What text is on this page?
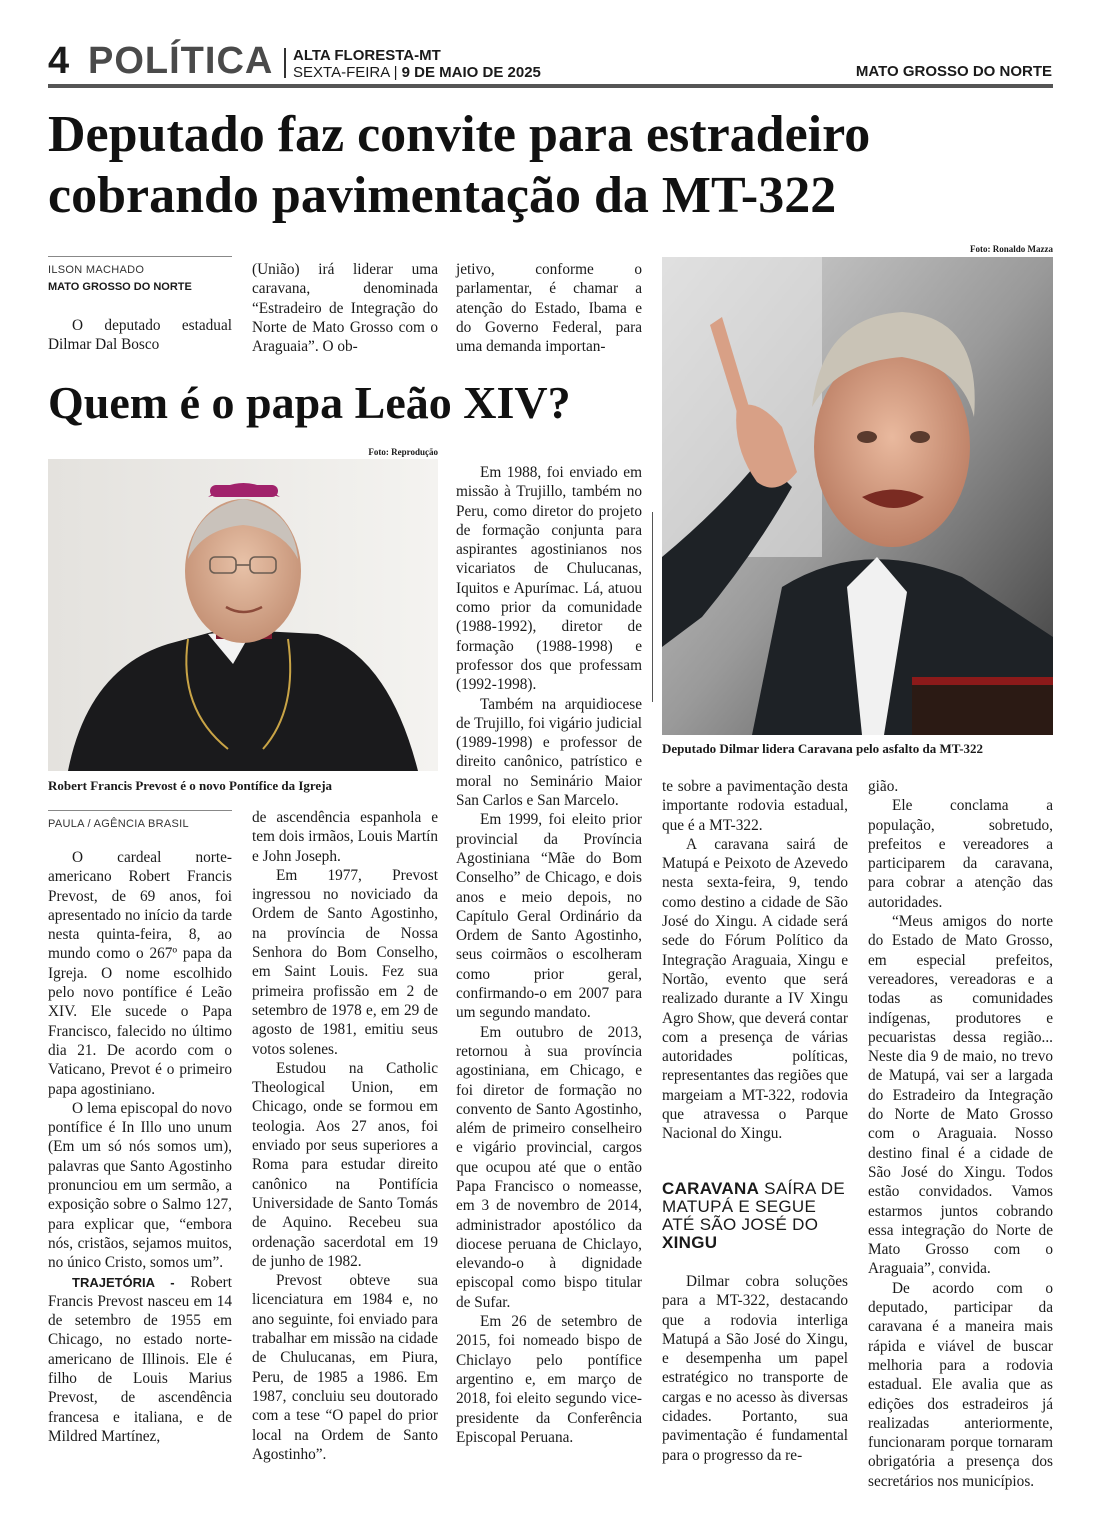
4 POLÍTICA ALTA FLORESTA-MT
SEXTA-FEIRA | 9 DE MAIO DE 2025	MATO GROSSO DO NORTE
Deputado faz convite para estradeiro cobrando pavimentação da MT-322
ILSON MACHADO
MATO GROSSO DO NORTE

O deputado estadual Dilmar Dal Bosco

(União) irá liderar uma caravana, denominada “Estradeiro de Integração do Norte de Mato Grosso com o Araguaia”. O ob-

jetivo, conforme o parlamentar, é chamar a atenção do Estado, Ibama e do Governo Federal, para uma demanda importan-

Foto: Ronaldo Mazza
Deputado Dilmar lidera Caravana pelo asfalto da MT-322
Quem é o papa Leão XIV?
Foto: Reprodução
Robert Francis Prevost é o novo Pontífice da Igreja
PAULA / AGÊNCIA BRASIL

O cardeal norte-americano Robert Francis Prevost, de 69 anos, foi apresentado no início da tarde nesta quinta-feira, 8, ao mundo como o 267º papa da Igreja. O nome escolhido pelo novo pontífice é Leão XIV. Ele sucede o Papa Francisco, falecido no último dia 21. De acordo com o Vaticano, Prevot é o primeiro papa agostiniano.

O lema episcopal do novo pontífice é In Illo uno unum (Em um só nós somos um), palavras que Santo Agostinho pronunciou em um sermão, a exposição sobre o Salmo 127, para explicar que, “embora nós, cristãos, sejamos muitos, no único Cristo, somos um”.

TRAJETÓRIA - Robert Francis Prevost nasceu em 14 de setembro de 1955 em Chicago, no estado norte-americano de Illinois. Ele é filho de Louis Marius Prevost, de ascendência francesa e italiana, e de Mildred Martínez,

de ascendência espanhola e tem dois irmãos, Louis Martín e John Joseph.

Em 1977, Prevost ingressou no noviciado da Ordem de Santo Agostinho, na província de Nossa Senhora do Bom Conselho, em Saint Louis. Fez sua primeira profissão em 2 de setembro de 1978 e, em 29 de agosto de 1981, emitiu seus votos solenes.

Estudou na Catholic Theological Union, em Chicago, onde se formou em teologia. Aos 27 anos, foi enviado por seus superiores a Roma para estudar direito canônico na Pontifícia Universidade de Santo Tomás de Aquino. Recebeu sua ordenação sacerdotal em 19 de junho de 1982.

Prevost obteve sua licenciatura em 1984 e, no ano seguinte, foi enviado para trabalhar em missão na cidade de Chulucanas, em Piura, Peru, de 1985 a 1986. Em 1987, concluiu seu doutorado com a tese “O papel do prior local na Ordem de Santo Agostinho”.

Em 1988, foi enviado em missão à Trujillo, também no Peru, como diretor do projeto de formação conjunta para aspirantes agostinianos nos vicariatos de Chulucanas, Iquitos e Apurímac. Lá, atuou como prior da comunidade (1988-1992), diretor de formação (1988-1998) e professor dos que professam (1992-1998).

Também na arquidiocese de Trujillo, foi vigário judicial (1989-1998) e professor de direito canônico, patrístico e moral no Seminário Maior San Carlos e San Marcelo.

Em 1999, foi eleito prior provincial da Província Agostiniana “Mãe do Bom Conselho” de Chicago, e dois anos e meio depois, no Capítulo Geral Ordinário da Ordem de Santo Agostinho, seus coirmãos o escolheram como prior geral, confirmando-o em 2007 para um segundo mandato.

Em outubro de 2013, retornou à sua província agostiniana, em Chicago, e foi diretor de formação no convento de Santo Agostinho, além de primeiro conselheiro e vigário provincial, cargos que ocupou até que o então Papa Francisco o nomeasse, em 3 de novembro de 2014, administrador apostólico da diocese peruana de Chiclayo, elevando-o à dignidade episcopal como bispo titular de Sufar.

Em 26 de setembro de 2015, foi nomeado bispo de Chiclayo pelo pontífice argentino e, em março de 2018, foi eleito segundo vice-presidente da Conferência Episcopal Peruana.

te sobre a pavimentação desta importante rodovia estadual, que é a MT-322.

A caravana sairá de Matupá e Peixoto de Azevedo nesta sexta-feira, 9, tendo como destino a cidade de São José do Xingu. A cidade será sede do Fórum Político da Integração Araguaia, Xingu e Nortão, evento que será realizado durante a IV Xingu Agro Show, que deverá contar com a presença de várias autoridades políticas, representantes das regiões que margeiam a MT-322, rodovia que atravessa o Parque Nacional do Xingu.

CARAVANA SAÍRA DE MATUPÁ E SEGUE ATÉ SÃO JOSÉ DO XINGU

Dilmar cobra soluções para a MT-322, destacando que a rodovia interliga Matupá a São José do Xingu, e desempenha um papel estratégico no transporte de cargas e no acesso às diversas cidades. Portanto, sua pavimentação é fundamental para o progresso da re-

gião.

Ele conclama a população, sobretudo, prefeitos e vereadores a participarem da caravana, para cobrar a atenção das autoridades.

“Meus amigos do norte do Estado de Mato Grosso, em especial prefeitos, vereadores, vereadoras e a todas as comunidades indígenas, produtores e pecuaristas dessa região... Neste dia 9 de maio, no trevo de Matupá, vai ser a largada do Estradeiro da Integração do Norte de Mato Grosso com o Araguaia. Nosso destino final é a cidade de São José do Xingu. Todos estão convidados. Vamos estarmos juntos cobrando essa integração do Norte de Mato Grosso com o Araguaia”, convida.

De acordo com o deputado, participar da caravana é a maneira mais rápida e viável de buscar melhoria para a rodovia estadual. Ele avalia que as edições dos estradeiros já realizadas anteriormente, funcionaram porque tornaram obrigatória a presença dos secretários nos municípios.
